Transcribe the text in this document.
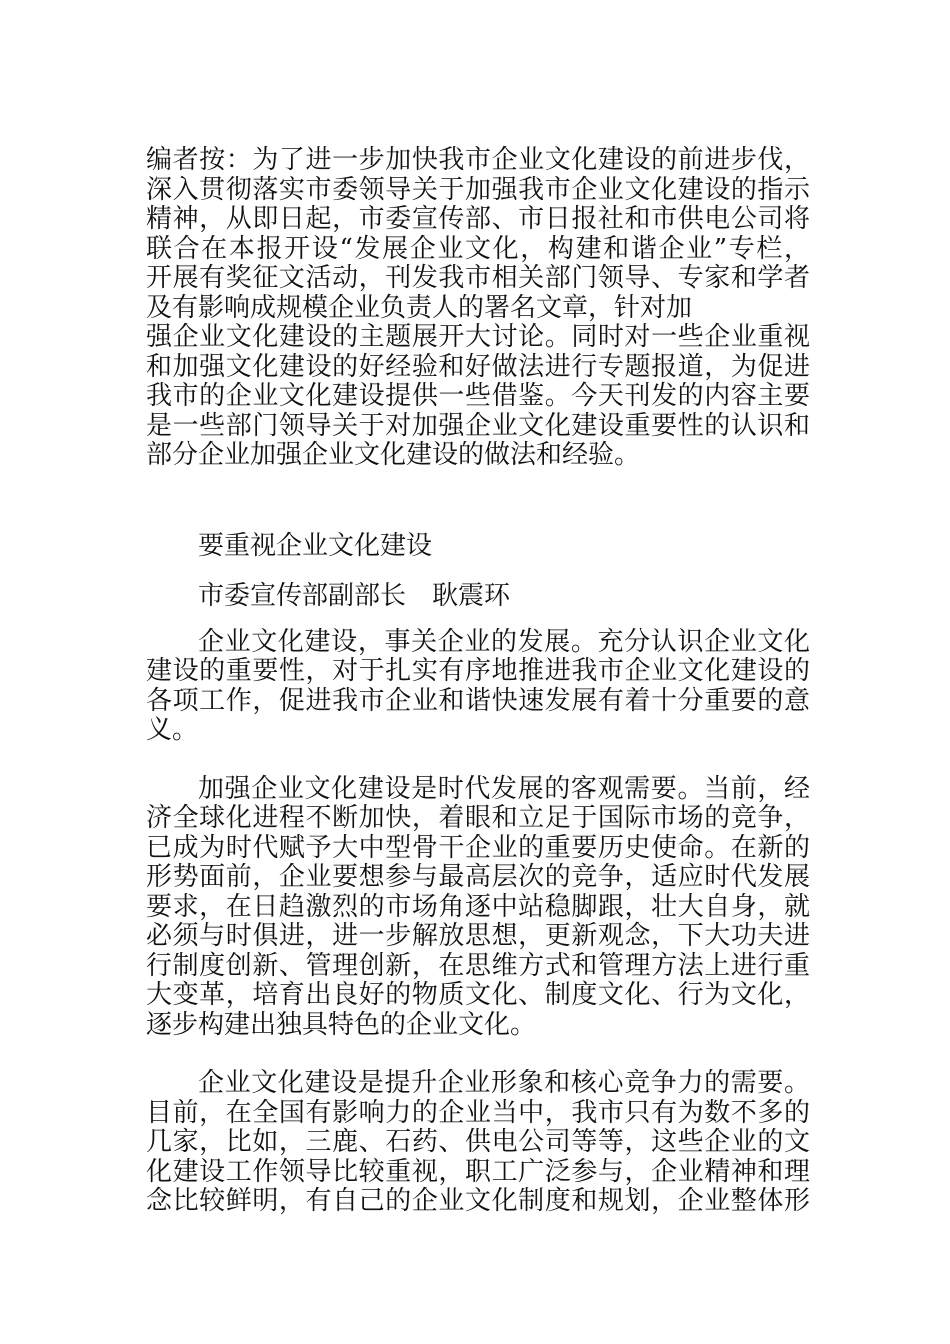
编者按：为了进一步加快我市企业文化建设的前进步伐，
深入贯彻落实市委领导关于加强我市企业文化建设的指示
精神，从即日起，市委宣传部、市日报社和市供电公司将
联合在本报开设“发展企业文化，构建和谐企业”专栏，
开展有奖征文活动，刊发我市相关部门领导、专家和学者
及有影响成规模企业负责人的署名文章，针对加
强企业文化建设的主题展开大讨论。同时对一些企业重视
和加强文化建设的好经验和好做法进行专题报道，为促进
我市的企业文化建设提供一些借鉴。今天刊发的内容主要
是一些部门领导关于对加强企业文化建设重要性的认识和
部分企业加强企业文化建设的做法和经验。
要重视企业文化建设
市委宣传部副部长　耿震环
企业文化建设，事关企业的发展。充分认识企业文化
建设的重要性，对于扎实有序地推进我市企业文化建设的
各项工作，促进我市企业和谐快速发展有着十分重要的意
义。
加强企业文化建设是时代发展的客观需要。当前，经
济全球化进程不断加快，着眼和立足于国际市场的竞争，
已成为时代赋予大中型骨干企业的重要历史使命。在新的
形势面前，企业要想参与最高层次的竞争，适应时代发展
要求，在日趋激烈的市场角逐中站稳脚跟，壮大自身，就
必须与时俱进，进一步解放思想，更新观念，下大功夫进
行制度创新、管理创新，在思维方式和管理方法上进行重
大变革，培育出良好的物质文化、制度文化、行为文化，
逐步构建出独具特色的企业文化。
企业文化建设是提升企业形象和核心竞争力的需要。
目前，在全国有影响力的企业当中，我市只有为数不多的
几家，比如，三鹿、石药、供电公司等等，这些企业的文
化建设工作领导比较重视，职工广泛参与，企业精神和理
念比较鲜明，有自己的企业文化制度和规划，企业整体形
